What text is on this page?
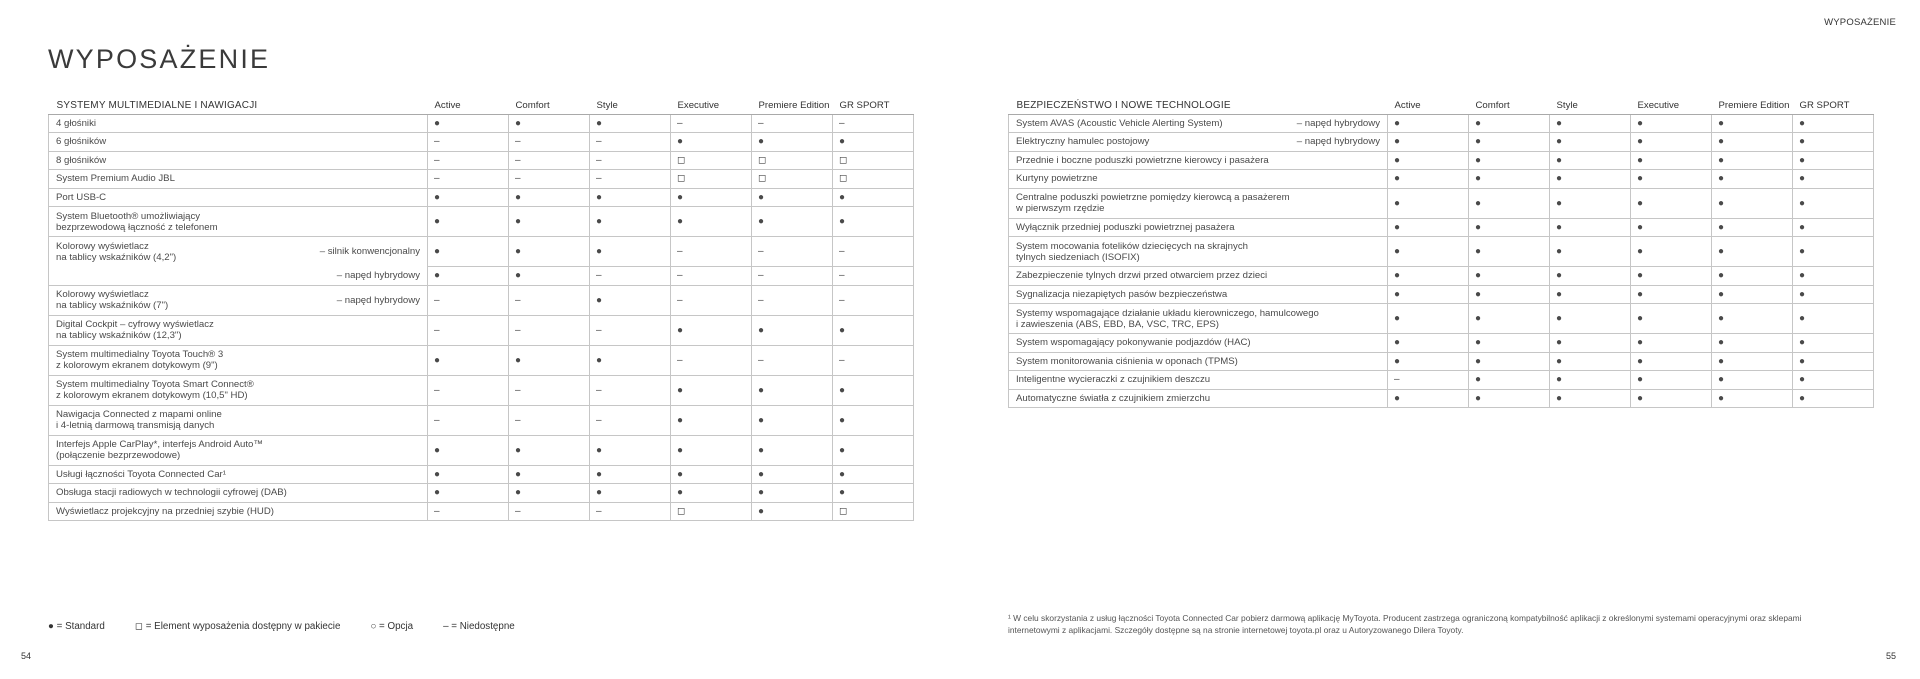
WYPOSAŻENIE
WYPOSAŻENIE
SYSTEMY MULTIMEDIALNE I NAWIGACJI	Active	Comfort	Style	Executive	Premiere Edition	GR SPORT

4 głośniki	●	●	●	–	–	–

6 głośników	–	–	–	●	●	●

8 głośników	–	–	–	◻	◻	◻

System Premium Audio JBL	–	–	–	◻	◻	◻

Port USB-C	●	●	●	●	●	●

System Bluetooth® umożliwiający
bezprzewodową łączność z telefonem	●	●	●	●	●	●

Kolorowy wyświetlacz
na tablicy wskaźników (4,2") – silnik konwencjonalny	●	●	●	–	–	–

– napęd hybrydowy	●	●	–	–	–	–

Kolorowy wyświetlacz
na tablicy wskaźników (7") – napęd hybrydowy	–	–	●	–	–	–

Digital Cockpit – cyfrowy wyświetlacz
na tablicy wskaźników (12,3")	–	–	–	●	●	●

System multimedialny Toyota Touch® 3
z kolorowym ekranem dotykowym (9")	●	●	●	–	–	–

System multimedialny Toyota Smart Connect®
z kolorowym ekranem dotykowym (10,5" HD)	–	–	–	●	●	●

Nawigacja Connected z mapami online
i 4-letnią darmową transmisją danych	–	–	–	●	●	●

Interfejs Apple CarPlay*, interfejs Android Auto™
(połączenie bezprzewodowe)	●	●	●	●	●	●

Usługi łączności Toyota Connected Car¹	●	●	●	●	●	●

Obsługa stacji radiowych w technologii cyfrowej (DAB)	●	●	●	●	●	●

Wyświetlacz projekcyjny na przedniej szybie (HUD)	–	–	–	◻	●	◻
BEZPIECZEŃSTWO I NOWE TECHNOLOGIE	Active	Comfort	Style	Executive	Premiere Edition	GR SPORT

System AVAS (Acoustic Vehicle Alerting System) – napęd hybrydowy	●	●	●	●	●	●

Elektryczny hamulec postojowy – napęd hybrydowy	●	●	●	●	●	●

Przednie i boczne poduszki powietrzne kierowcy i pasażera	●	●	●	●	●	●

Kurtyny powietrzne	●	●	●	●	●	●

Centralne poduszki powietrzne pomiędzy kierowcą a pasażerem
w pierwszym rzędzie	●	●	●	●	●	●

Wyłącznik przedniej poduszki powietrznej pasażera	●	●	●	●	●	●

System mocowania fotelików dziecięcych na skrajnych
tylnych siedzeniach (ISOFIX)	●	●	●	●	●	●

Zabezpieczenie tylnych drzwi przed otwarciem przez dzieci	●	●	●	●	●	●

Sygnalizacja niezapiętych pasów bezpieczeństwa	●	●	●	●	●	●

Systemy wspomagające działanie układu kierowniczego, hamulcowego
i zawieszenia (ABS, EBD, BA, VSC, TRC, EPS)	●	●	●	●	●	●

System wspomagający pokonywanie podjazdów (HAC)	●	●	●	●	●	●

System monitorowania ciśnienia w oponach (TPMS)	●	●	●	●	●	●

Inteligentne wycieraczki z czujnikiem deszczu	–	●	●	●	●	●

Automatyczne światła z czujnikiem zmierzchu	●	●	●	●	●	●
● = Standard	◻ = Element wyposażenia dostępny w pakiecie	○ = Opcja	– = Niedostępne
¹ W celu skorzystania z usług łączności Toyota Connected Car pobierz darmową aplikację MyToyota. Producent zastrzega ograniczoną kompatybilność aplikacji z określonymi systemami operacyjnymi oraz sklepami internetowymi z aplikacjami. Szczegóły dostępne są na stronie internetowej toyota.pl oraz u Autoryzowanego Dilera Toyoty.
54	55
